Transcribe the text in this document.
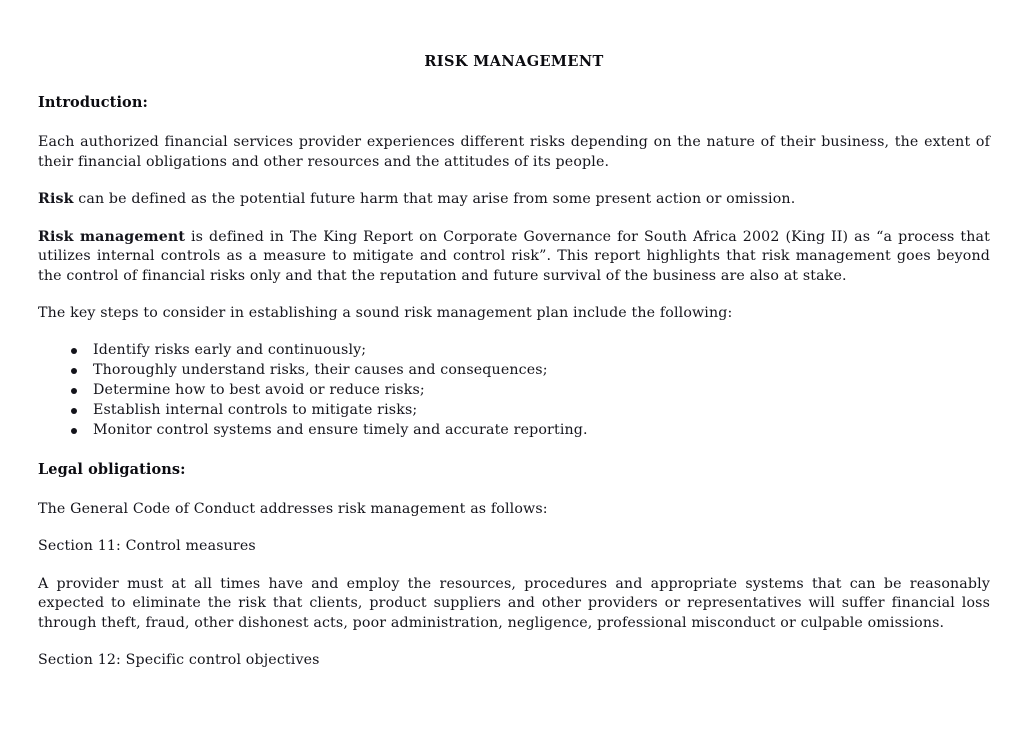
RISK MANAGEMENT
Introduction:

Each authorized financial services provider experiences different risks depending on the nature of their business, the extent of their financial obligations and other resources and the attitudes of its people.

Risk can be defined as the potential future harm that may arise from some present action or omission.

Risk management is defined in The King Report on Corporate Governance for South Africa 2002 (King II) as “a process that utilizes internal controls as a measure to mitigate and control risk”. This report highlights that risk management goes beyond the control of financial risks only and that the reputation and future survival of the business are also at stake.

The key steps to consider in establishing a sound risk management plan include the following:

Identify risks early and continuously;
Thoroughly understand risks, their causes and consequences;
Determine how to best avoid or reduce risks;
Establish internal controls to mitigate risks;
Monitor control systems and ensure timely and accurate reporting.
Legal obligations:

The General Code of Conduct addresses risk management as follows:

Section 11: Control measures

A provider must at all times have and employ the resources, procedures and appropriate systems that can be reasonably expected to eliminate the risk that clients, product suppliers and other providers or representatives will suffer financial loss through theft, fraud, other dishonest acts, poor administration, negligence, professional misconduct or culpable omissions.

Section 12: Specific control objectives
